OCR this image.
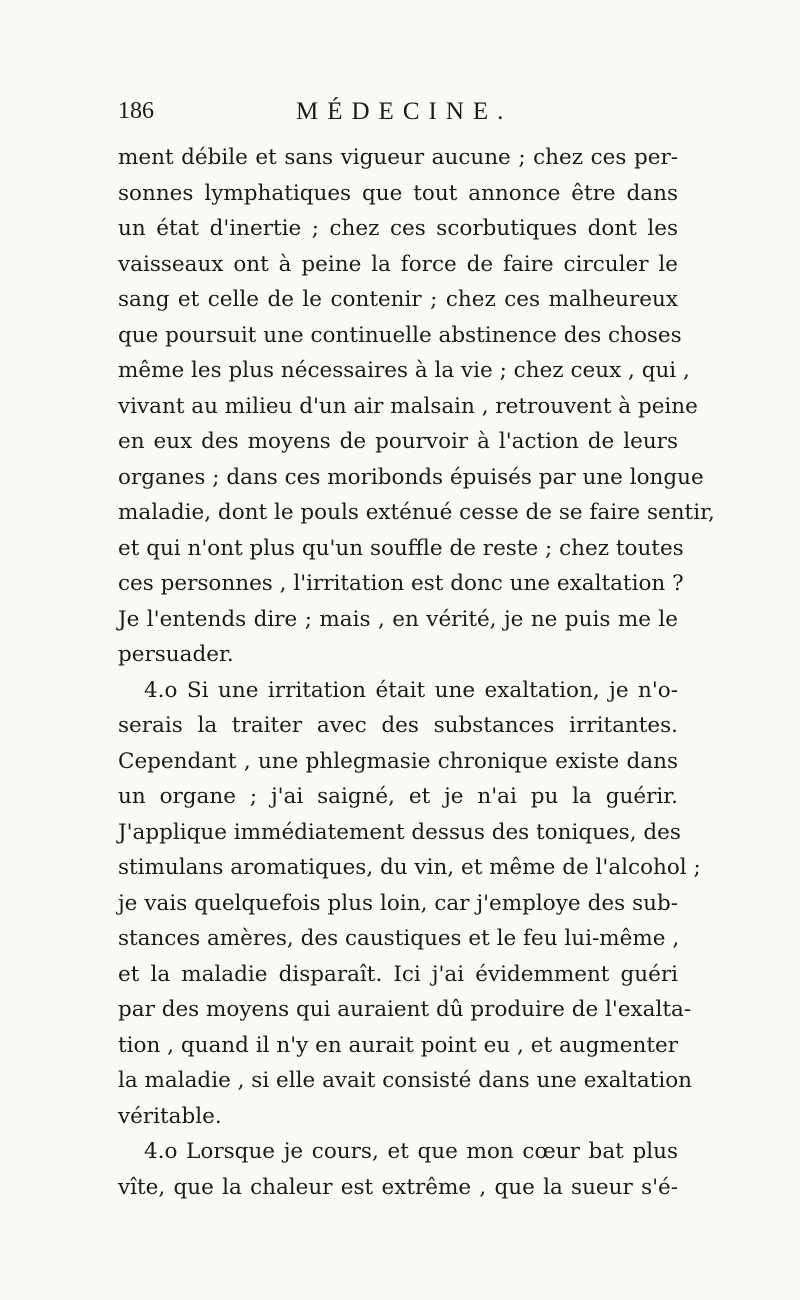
186	MÉDECINE.
ment débile et sans vigueur aucune ; chez ces per-
sonnes lymphatiques que tout annonce être dans
un état d'inertie ; chez ces scorbutiques dont les
vaisseaux ont à peine la force de faire circuler le
sang et celle de le contenir ; chez ces malheureux
que poursuit une continuelle abstinence des choses
même les plus nécessaires à la vie ; chez ceux , qui ,
vivant au milieu d'un air malsain , retrouvent à peine
en eux des moyens de pourvoir à l'action de leurs
organes ; dans ces moribonds épuisés par une longue
maladie, dont le pouls exténué cesse de se faire sentir,
et qui n'ont plus qu'un souffle de reste ; chez toutes
ces personnes , l'irritation est donc une exaltation ?
Je l'entends dire ; mais , en vérité, je ne puis me le
persuader.
4.o Si une irritation était une exaltation, je n'o-
serais la traiter avec des substances irritantes.
Cependant , une phlegmasie chronique existe dans
un organe ; j'ai saigné, et je n'ai pu la guérir.
J'applique immédiatement dessus des toniques, des
stimulans aromatiques, du vin, et même de l'alcohol ;
je vais quelquefois plus loin, car j'employe des sub-
stances amères, des caustiques et le feu lui-même ,
et la maladie disparaît. Ici j'ai évidemment guéri
par des moyens qui auraient dû produire de l'exalta-
tion , quand il n'y en aurait point eu , et augmenter
la maladie , si elle avait consisté dans une exaltation
véritable.
4.o Lorsque je cours, et que mon cœur bat plus
vîte, que la chaleur est extrême , que la sueur s'é-
